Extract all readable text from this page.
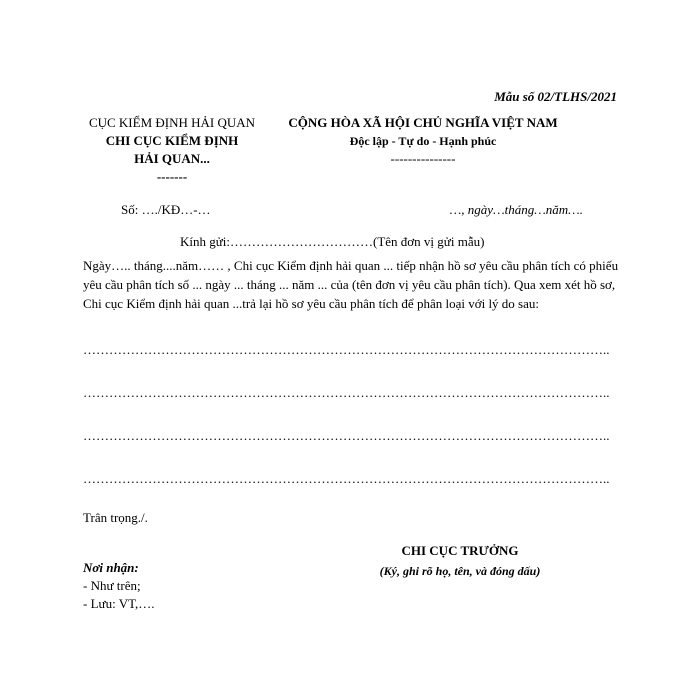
Mẫu số 02/TLHS/2021
CỤC KIỂM ĐỊNH HẢI QUAN
CHI CỤC KIỂM ĐỊNH
HẢI QUAN...
-------
CỘNG HÒA XÃ HỘI CHỦ NGHĨA VIỆT NAM
Độc lập - Tự do - Hạnh phúc
---------------
Số: …./KĐ…-…	…, ngày…tháng…năm….
Kính gửi:……………………………(Tên đơn vị gửi mẫu)
Ngày….. tháng....năm…… , Chi cục Kiểm định hải quan ... tiếp nhận hồ sơ yêu cầu phân tích có phiếu yêu cầu phân tích số ... ngày ... tháng ... năm ... của (tên đơn vị yêu cầu phân tích). Qua xem xét hồ sơ, Chi cục Kiểm định hải quan ...trả lại hồ sơ yêu cầu phân tích để phân loại với lý do sau:
…………………………………………………………………………………………………………..
…………………………………………………………………………………………………………..
…………………………………………………………………………………………………………..
…………………………………………………………………………………………………………..
Trân trọng./.
CHI CỤC TRƯỞNG
(Ký, ghi rõ họ, tên, và đóng dấu)
Nơi nhận:
- Như trên;
- Lưu: VT,….
